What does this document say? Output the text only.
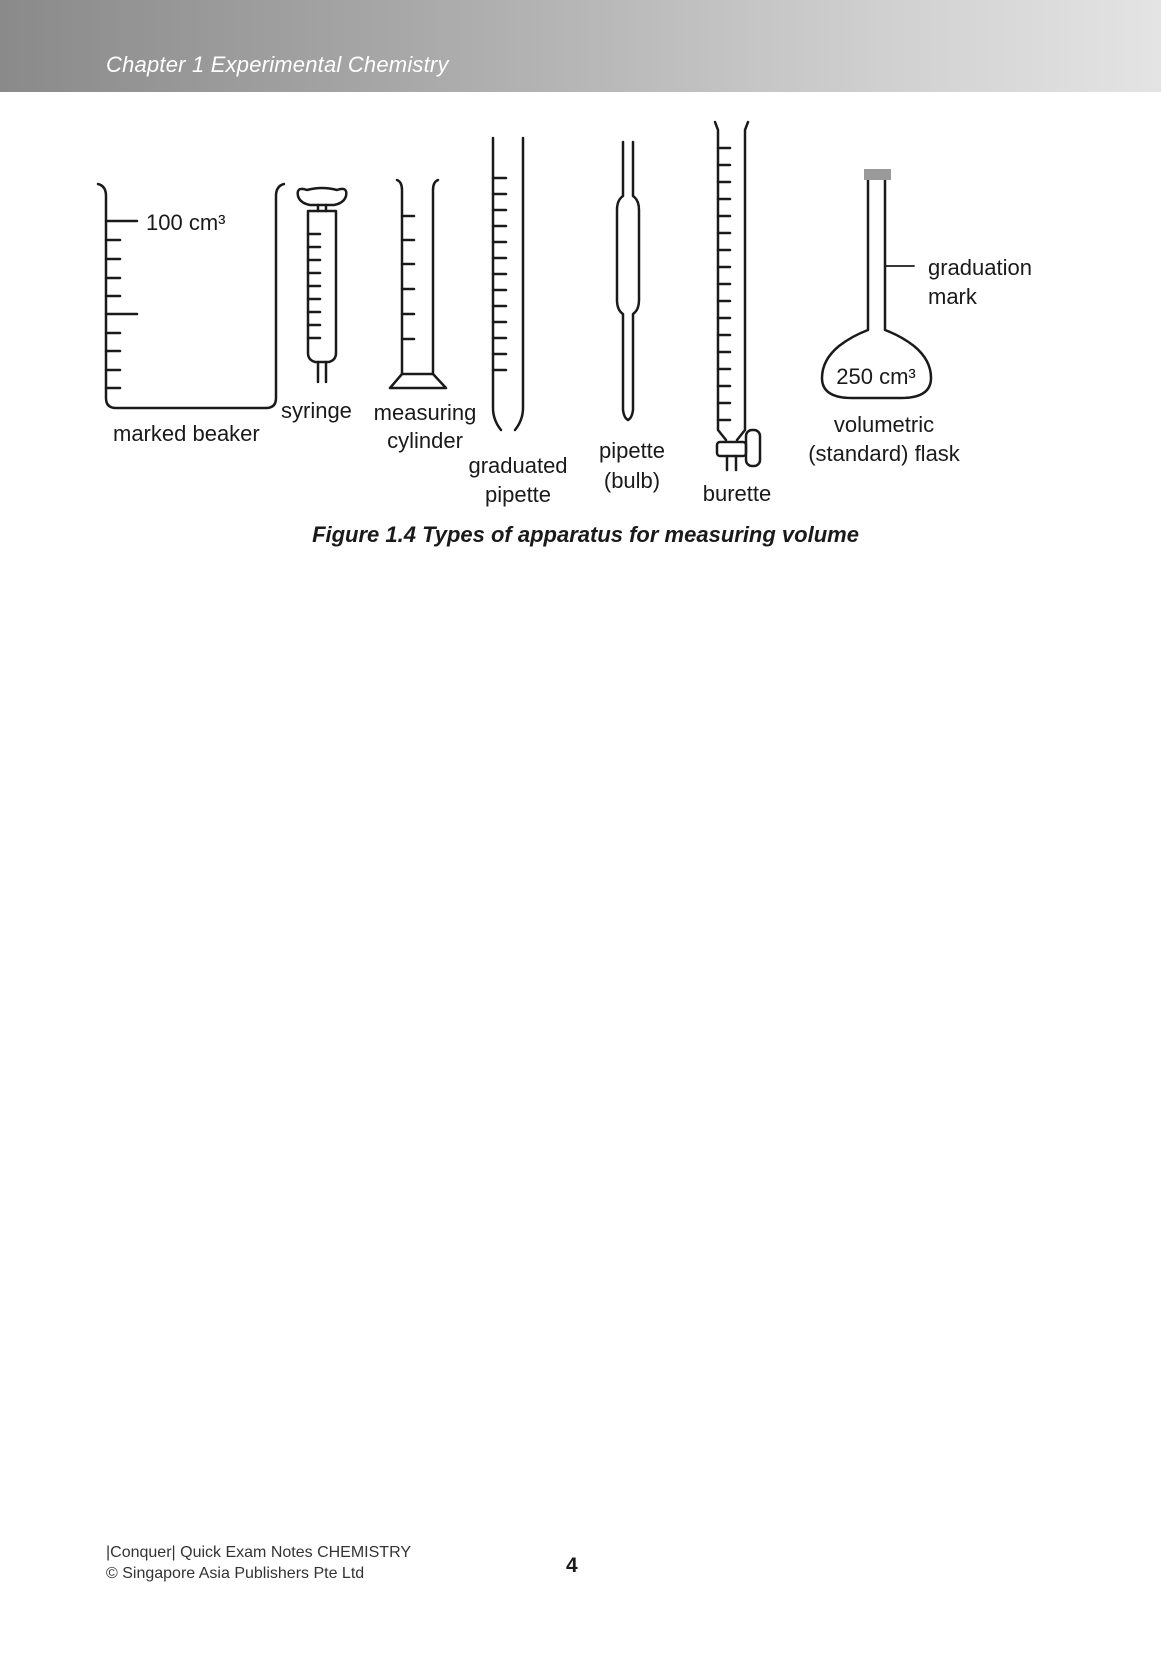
Chapter 1 Experimental Chemistry
100 cm³
marked beaker
syringe measuring
cylinder
graduated
pipette
pipette
(bulb)
burette
graduation
mark
250 cm³
volumetric
(standard) flask
Figure 1.4 Types of apparatus for measuring volume
|Conquer| Quick Exam Notes CHEMISTRY
© Singapore Asia Publishers Pte Ltd	4
